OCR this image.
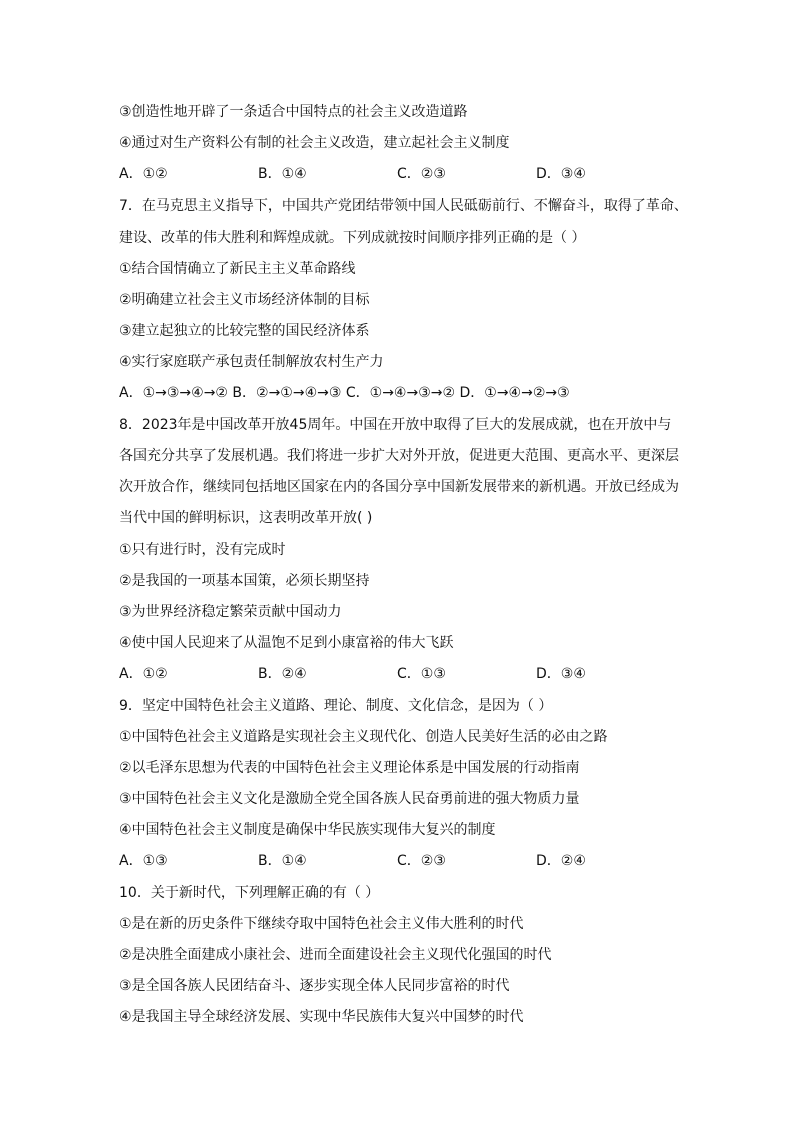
③创造性地开辟了一条适合中国特点的社会主义改造道路
④通过对生产资料公有制的社会主义改造，建立起社会主义制度
A．①②	B．①④	C．②③	D．③④
7．在马克思主义指导下，中国共产党团结带领中国人民砥砺前行、不懈奋斗，取得了革命、
建设、改革的伟大胜利和辉煌成就。下列成就按时间顺序排列正确的是（ ）
①结合国情确立了新民主主义革命路线
②明确建立社会主义市场经济体制的目标
③建立起独立的比较完整的国民经济体系
④实行家庭联产承包责任制解放农村生产力
A．①→③→④→② B．②→①→④→③ C．①→④→③→② D．①→④→②→③
8．2023年是中国改革开放45周年。中国在开放中取得了巨大的发展成就，也在开放中与
各国充分共享了发展机遇。我们将进一步扩大对外开放，促进更大范围、更高水平、更深层
次开放合作，继续同包括地区国家在内的各国分享中国新发展带来的新机遇。开放已经成为
当代中国的鲜明标识，这表明改革开放( )
①只有进行时，没有完成时
②是我国的一项基本国策，必须长期坚持
③为世界经济稳定繁荣贡献中国动力
④使中国人民迎来了从温饱不足到小康富裕的伟大飞跃
A．①②	B．②④	C．①③	D．③④
9．坚定中国特色社会主义道路、理论、制度、文化信念，是因为（ ）
①中国特色社会主义道路是实现社会主义现代化、创造人民美好生活的必由之路
②以毛泽东思想为代表的中国特色社会主义理论体系是中国发展的行动指南
③中国特色社会主义文化是激励全党全国各族人民奋勇前进的强大物质力量
④中国特色社会主义制度是确保中华民族实现伟大复兴的制度
A．①③	B．①④	C．②③	D．②④
10．关于新时代，下列理解正确的有（ ）
①是在新的历史条件下继续夺取中国特色社会主义伟大胜利的时代
②是决胜全面建成小康社会、进而全面建设社会主义现代化强国的时代
③是全国各族人民团结奋斗、逐步实现全体人民同步富裕的时代
④是我国主导全球经济发展、实现中华民族伟大复兴中国梦的时代
